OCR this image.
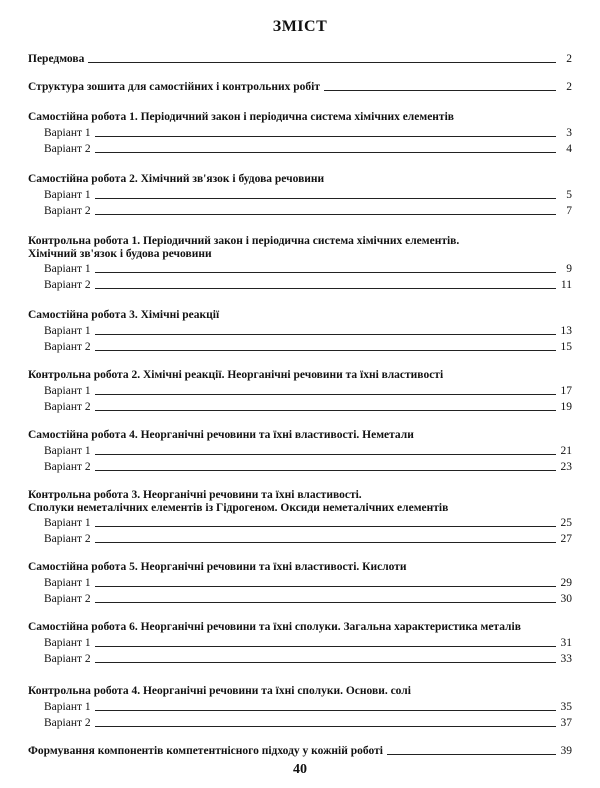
ЗМІСТ
Передмова	2
Структура зошита для самостійних і контрольних робіт	2
Самостійна робота 1. Періодичний закон і періодична система хімічних елементів
Варіант 1	3
Варіант 2	4
Самостійна робота 2. Хімічний зв'язок і будова речовини
Варіант 1	5
Варіант 2	7
Контрольна робота 1. Періодичний закон і періодична система хімічних елементів.
Хімічний зв'язок і будова речовини
Варіант 1	9
Варіант 2	11
Самостійна робота 3. Хімічні реакції
Варіант 1	13
Варіант 2	15
Контрольна робота 2. Хімічні реакції. Неорганічні речовини та їхні властивості
Варіант 1	17
Варіант 2	19
Самостійна робота 4. Неорганічні речовини та їхні властивості. Неметали
Варіант 1	21
Варіант 2	23
Контрольна робота 3. Неорганічні речовини та їхні властивості.
Сполуки неметалічних елементів із Гідрогеном. Оксиди неметалічних елементів
Варіант 1	25
Варіант 2	27
Самостійна робота 5. Неорганічні речовини та їхні властивості. Кислоти
Варіант 1	29
Варіант 2	30
Самостійна робота 6. Неорганічні речовини та їхні сполуки. Загальна характеристика металів
Варіант 1	31
Варіант 2	33
Контрольна робота 4. Неорганічні речовини та їхні сполуки. Основи. солі
Варіант 1	35
Варіант 2	37
Формування компонентів компетентнісного підходу у кожній роботі	39
40
